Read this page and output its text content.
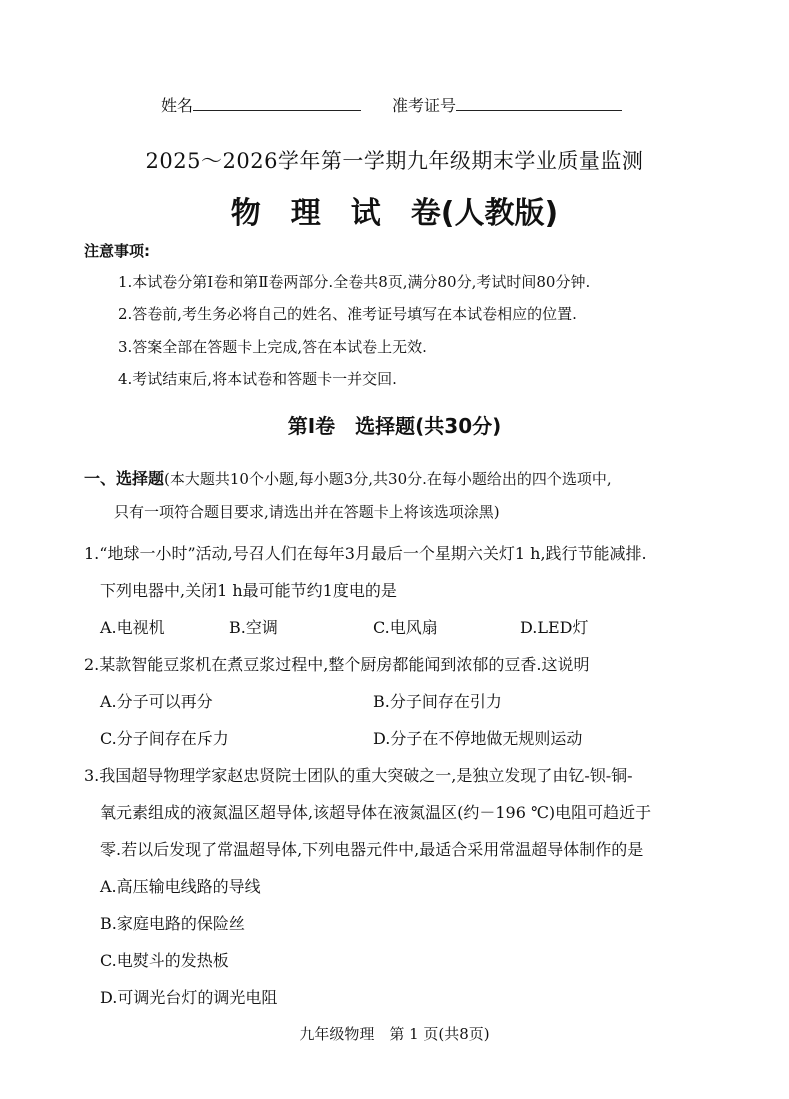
姓名	准考证号
2025～2026学年第一学期九年级期末学业质量监测
物　理　试　卷(人教版)
注意事项:
1.本试卷分第Ⅰ卷和第Ⅱ卷两部分.全卷共8页,满分80分,考试时间80分钟.
2.答卷前,考生务必将自己的姓名、准考证号填写在本试卷相应的位置.
3.答案全部在答题卡上完成,答在本试卷上无效.
4.考试结束后,将本试卷和答题卡一并交回.
第Ⅰ卷　选择题(共30分)
一、选择题(本大题共10个小题,每小题3分,共30分.在每小题给出的四个选项中,
只有一项符合题目要求,请选出并在答题卡上将该选项涂黑)
1.“地球一小时”活动,号召人们在每年3月最后一个星期六关灯1 h,践行节能减排.
下列电器中,关闭1 h最可能节约1度电的是
A.电视机	B.空调	C.电风扇	D.LED灯
2.某款智能豆浆机在煮豆浆过程中,整个厨房都能闻到浓郁的豆香.这说明
A.分子可以再分	B.分子间存在引力
C.分子间存在斥力	D.分子在不停地做无规则运动
3.我国超导物理学家赵忠贤院士团队的重大突破之一,是独立发现了由钇-钡-铜-
氧元素组成的液氮温区超导体,该超导体在液氮温区(约－196 ℃)电阻可趋近于
零.若以后发现了常温超导体,下列电器元件中,最适合采用常温超导体制作的是
A.高压输电线路的导线
B.家庭电路的保险丝
C.电熨斗的发热板
D.可调光台灯的调光电阻
九年级物理　第 1 页(共8页)
